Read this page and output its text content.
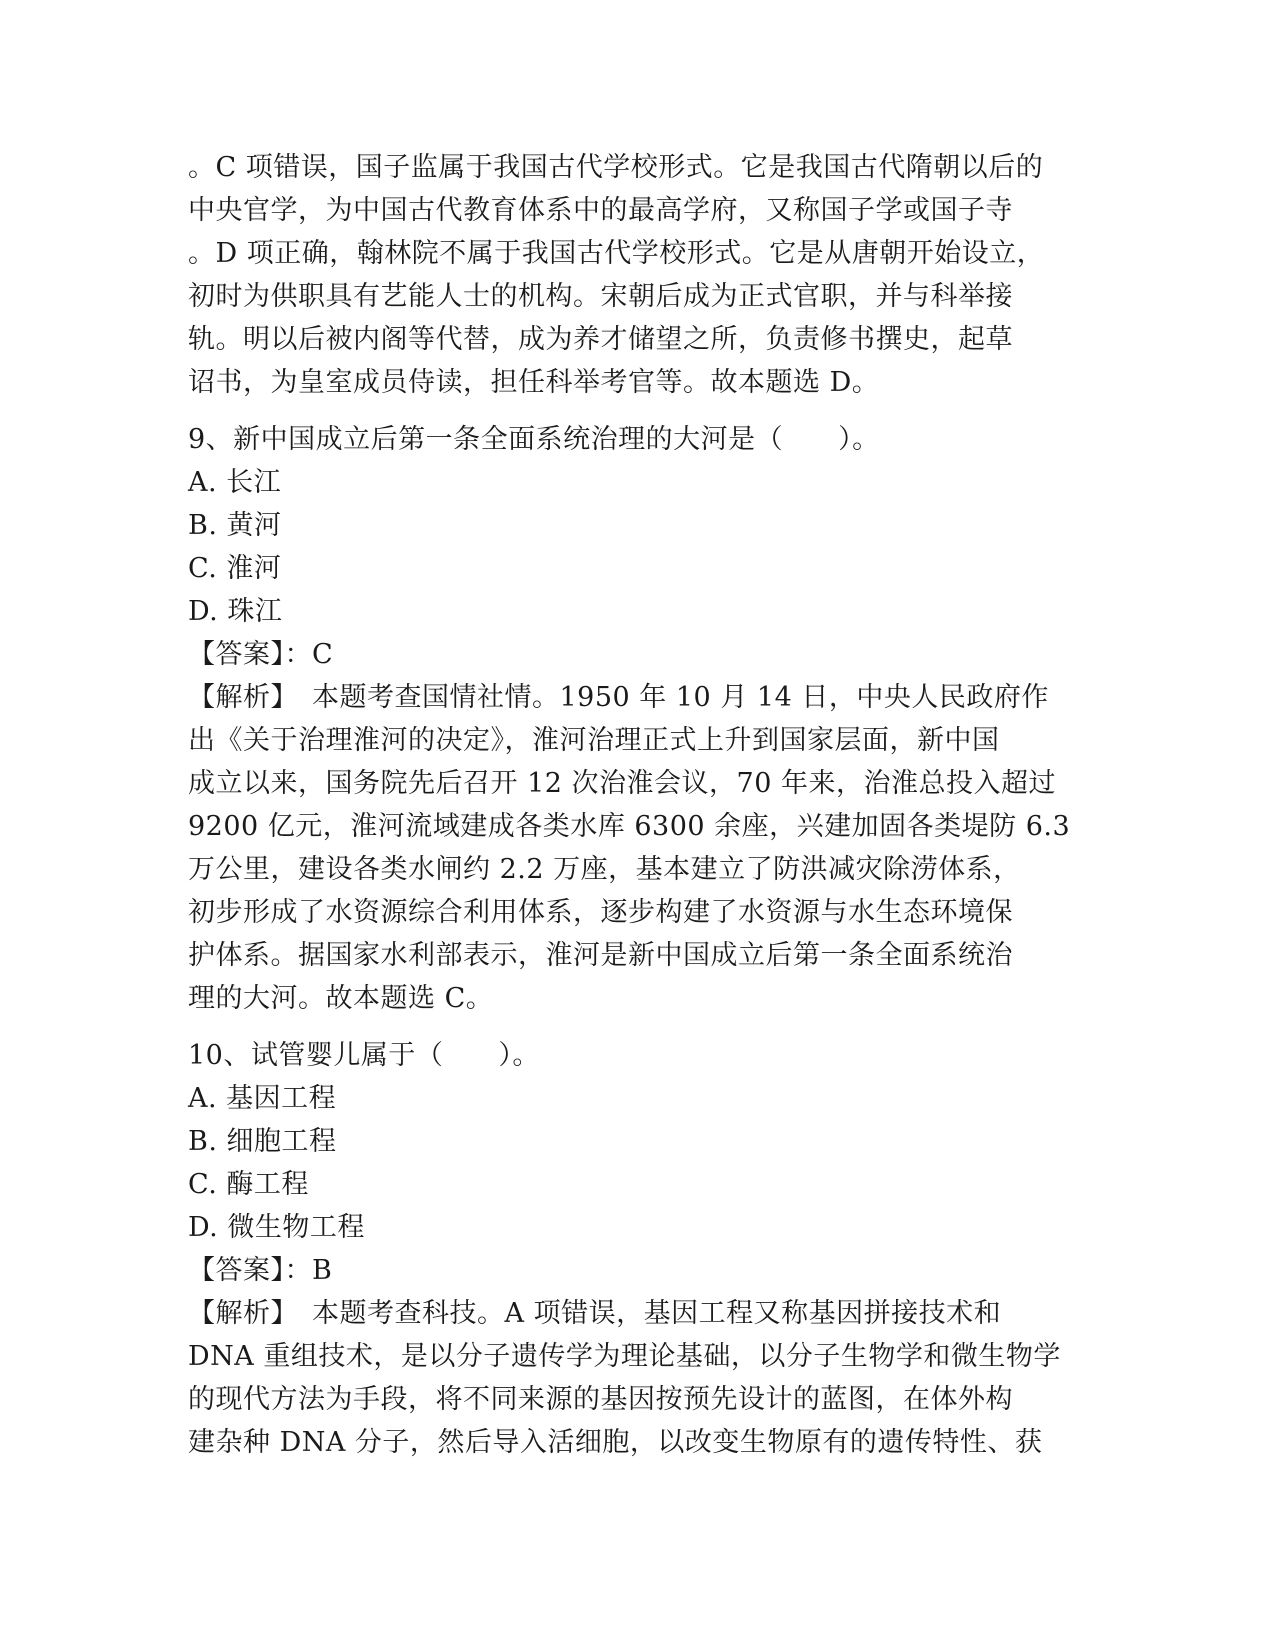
。C 项错误，国子监属于我国古代学校形式。它是我国古代隋朝以后的
中央官学，为中国古代教育体系中的最高学府，又称国子学或国子寺
。D 项正确，翰林院不属于我国古代学校形式。它是从唐朝开始设立，
初时为供职具有艺能人士的机构。宋朝后成为正式官职，并与科举接
轨。明以后被内阁等代替，成为养才储望之所，负责修书撰史，起草
诏书，为皇室成员侍读，担任科举考官等。故本题选 D。
9、新中国成立后第一条全面系统治理的大河是（　　）。
A. 长江
B. 黄河
C. 淮河
D. 珠江
【答案】：C
【解析】　本题考查国情社情。1950 年 10 月 14 日，中央人民政府作
出《关于治理淮河的决定》，淮河治理正式上升到国家层面，新中国
成立以来，国务院先后召开 12 次治淮会议，70 年来，治淮总投入超过
9200 亿元，淮河流域建成各类水库 6300 余座，兴建加固各类堤防 6.3
万公里，建设各类水闸约 2.2 万座，基本建立了防洪减灾除涝体系，
初步形成了水资源综合利用体系，逐步构建了水资源与水生态环境保
护体系。据国家水利部表示，淮河是新中国成立后第一条全面系统治
理的大河。故本题选 C。
10、试管婴儿属于（　　）。
A. 基因工程
B. 细胞工程
C. 酶工程
D. 微生物工程
【答案】：B
【解析】　本题考查科技。A 项错误，基因工程又称基因拼接技术和
DNA 重组技术，是以分子遗传学为理论基础，以分子生物学和微生物学
的现代方法为手段，将不同来源的基因按预先设计的蓝图，在体外构
建杂种 DNA 分子，然后导入活细胞，以改变生物原有的遗传特性、获
